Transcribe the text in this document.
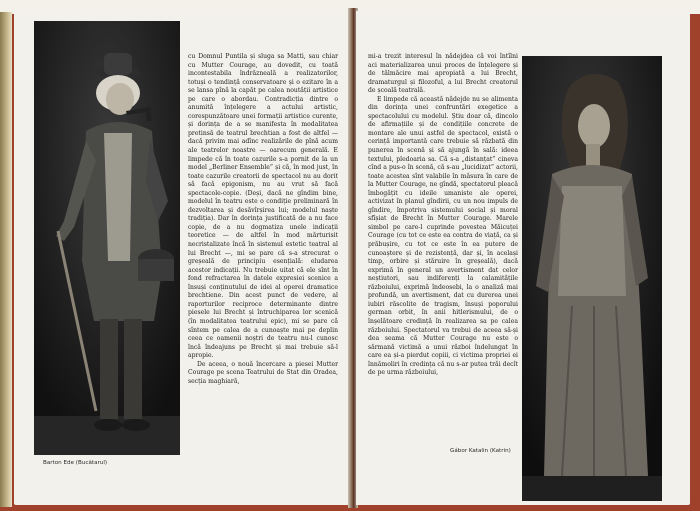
Barton Ede (Bucătarul)

cu Domnul Puntila și sluga sa Matti, sau chiar cu Mutter Courage, au dovedit, cu toată incontestabila îndrăzneală a realizatorilor, totuși o tendință conservatoare și o ezitare în a se lansa pînă la capăt pe calea noutății artistice pe care o abordau. Contradicția dintre o anumită înțelegere a actului artistic, corespunzătoare unei formații artistice curente, și dorința de a se manifesta în modalitatea pretinsă de teatrul brechtian a fost de altfel — dacă privim mai adînc realizările de pînă acum ale teatrelor noastre — oarecum generală. E limpede că în toate cazurile s-a pornit de la un model „Berliner Ensemble” și că, în mod just, în toate cazurile creatorii de spectacol nu au dorit să facă epigonism, nu au vrut să facă spectacole-copie. (Deși, dacă ne gîndim bine, modelul în teatru este o condiție preliminară în dezvoltarea și desăvîrșirea lui; modelul naște tradiția). Dar în dorința justificată de a nu face copie, de a nu dogmatiza unele indicații teoretice — de altfel în mod mărturisit necristalizate încă în sistemul estetic teatral al lui Brecht —, mi se pare că s-a strecurat o greșeală de principiu esențială: eludarea acestor indicații. Nu trebuie uitat că ele sînt în fond refractarea în datele expresiei scenice a însuși conținutului de idei al operei dramatice brechtiene. Din acest punct de vedere, al raporturilor reciproce determinante dintre piesele lui Brecht și întruchiparea lor scenică (în modalitatea teatrului epic), mi se pare că sîntem pe calea de a cunoaște mai pe deplin ceea ce oamenii noștri de teatru nu-l cunosc încă îndeajuns pe Brecht și mai trebuie să-l apropie.

De aceea, o nouă încercare a piesei Mutter Courage pe scena Teatrului de Stat din Oradea, secția maghiară,

mi-a trezit interesul în nădejdea că voi întîlni aci materializarea unui proces de înțelegere și de tălmăcire mai apropiată a lui Brecht, dramaturgul și filozoful, a lui Brecht creatorul de școală teatrală.

E limpede că această nădejde nu se alimenta din dorința unei confruntări exegetice a spectacolului cu modelul. Știu doar că, dincolo de afirmațiile și de condițiile concrete de montare ale unui astfel de spectacol, există o cerință importantă care trebuie să răzbată din punerea în scenă și să ajungă în sală: ideea textului, pledoaria sa. Că s-a „distanțat” cineva cînd a pus-o în scenă, că s-au „lucidizat” actorii, toate acestea sînt valabile în măsura în care de la Mutter Courage, ne gîndă, spectatorul pleacă îmbogățit cu ideile umaniste ale operei, activizat în planul gîndirii, cu un nou impuls de gîndire, împotriva sistemului social și moral sfîșiat de Brecht în Mutter Courage. Marele simbol pe care-l cuprinde povestea Măicuței Courage (cu tot ce este ea contra de viață, ca și prăbușire, cu tot ce este în ea putere de cunoaștere și de rezistență, dar și, în același timp, orbire și stăruire în greșeală), dacă exprimă în general un avertisment dat celor neștiutori, sau indiferenți la calamitățile războiului, exprimă îndeosebi, la o analiză mai profundă, un avertisment, dat cu durerea unei iubiri răscolite de tragism, însuși poporului german orbit, în anii hitlerismului, de o înșelătoare credință în realizarea sa pe calea războiului. Spectatorul va trebui de aceea să-și dea seama că Mutter Courage nu este o sărmană victimă a unui război îndelungat în care ea și-a pierdut copiii, ci victima propriei ei înnămoliri în credința că nu s-ar putea trăi decît de pe urma războiului,

Gábor Katalin (Katrin)
